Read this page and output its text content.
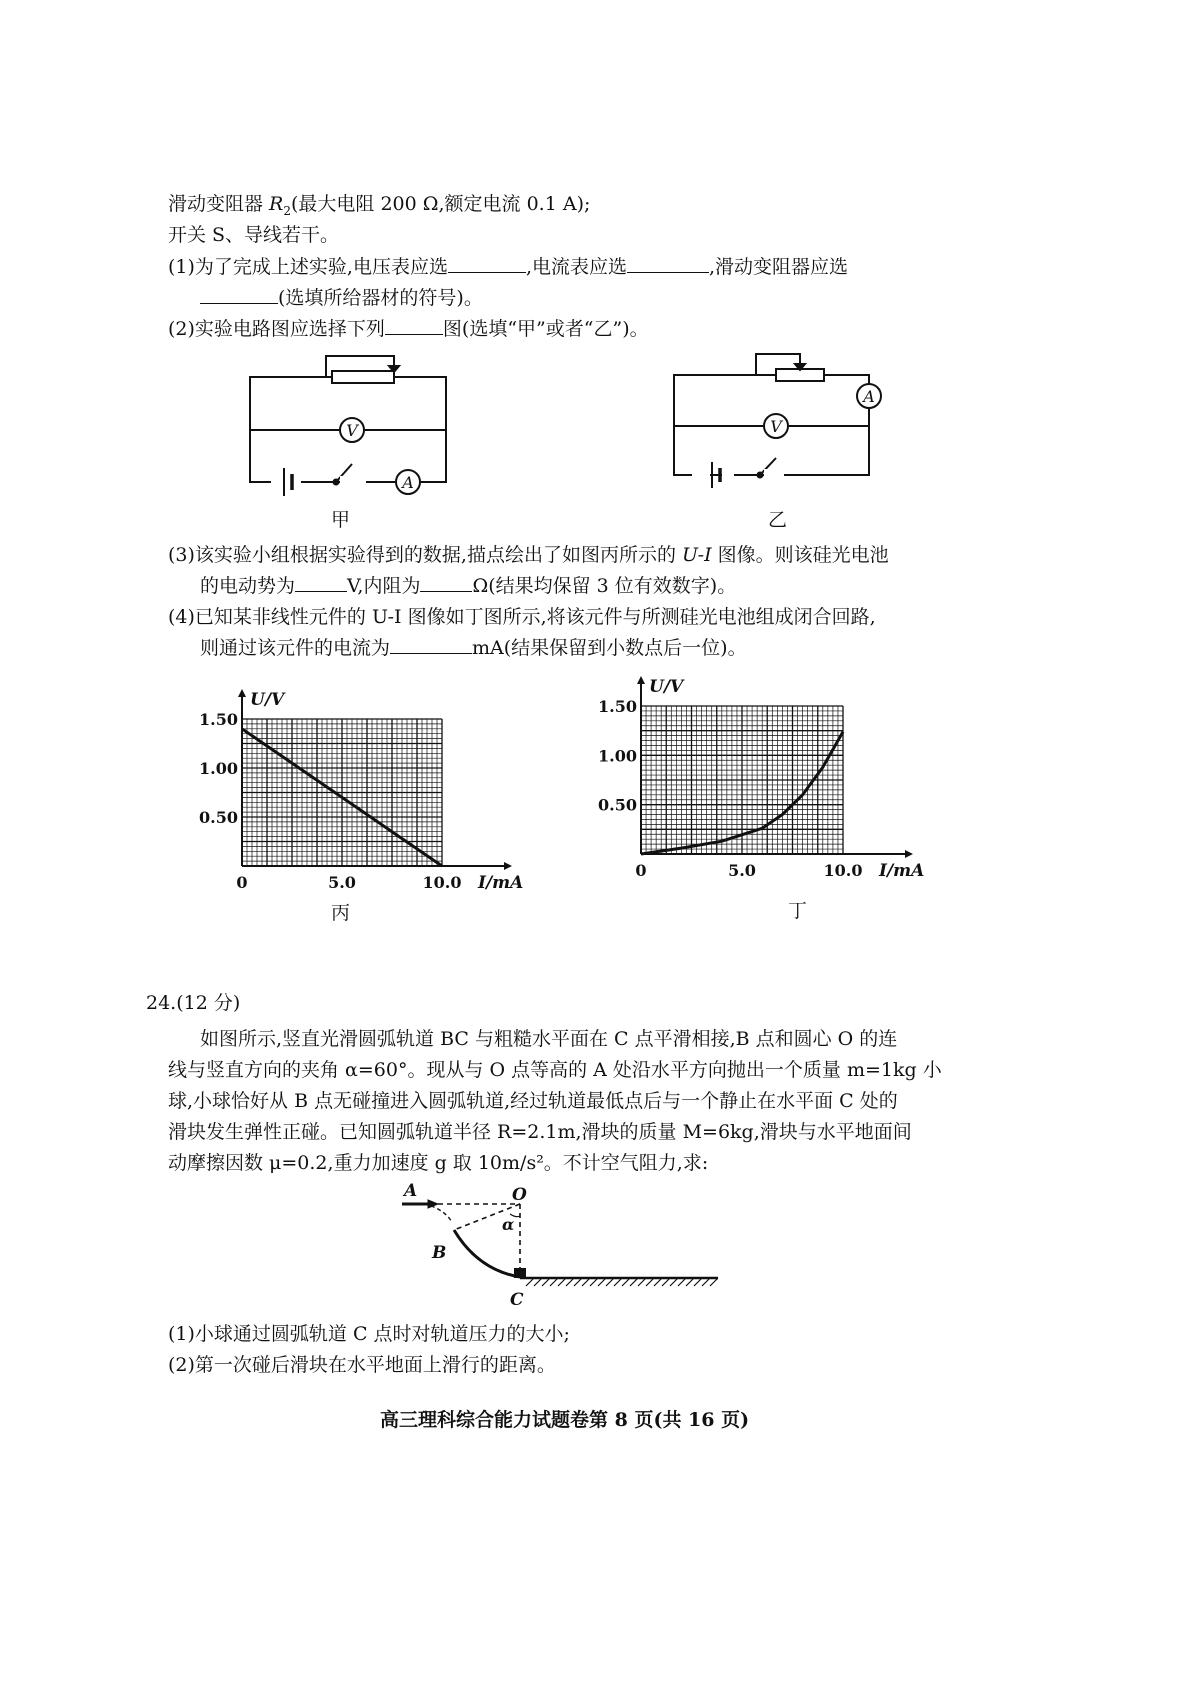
滑动变阻器 $R_2$(最大电阻 200 Ω,额定电流 0.1 A);
开关 S、导线若干。
(1)为了完成上述实验,电压表应选	,电流表应选	,滑动变阻器应选
(选填所给器材的符号)。
(2)实验电路图应选择下列	图(选填“甲”或者“乙”)。
V
A
甲
V
A
乙
(3)该实验小组根据实验得到的数据,描点绘出了如图丙所示的 U-I 图像。则该硅光电池
的电动势为	V,内阻为	Ω(结果均保留 3 位有效数字)。
(4)已知某非线性元件的 U-I 图像如丁图所示,将该元件与所测硅光电池组成闭合回路,
则通过该元件的电流为	mA(结果保留到小数点后一位)。
0	5.0	10.0
1.50
1.00
0.50
I/mA
U/V
丙
0	5.0	10.0
1.50
1.00
0.50
I/mA
U/V
丁
24.(12 分)
如图所示,竖直光滑圆弧轨道 BC 与粗糙水平面在 C 点平滑相接,B 点和圆心 O 的连
线与竖直方向的夹角 α=60°。现从与 O 点等高的 A 处沿水平方向抛出一个质量 m=1kg 小
球,小球恰好从 B 点无碰撞进入圆弧轨道,经过轨道最低点后与一个静止在水平面 C 处的
滑块发生弹性正碰。已知圆弧轨道半径 R=2.1m,滑块的质量 M=6kg,滑块与水平地面间
动摩擦因数 μ=0.2,重力加速度 g 取 10m/s²。不计空气阻力,求:
A	O
B
C
α
(1)小球通过圆弧轨道 C 点时对轨道压力的大小;
(2)第一次碰后滑块在水平地面上滑行的距离。
高三理科综合能力试题卷第 8 页(共 16 页)
